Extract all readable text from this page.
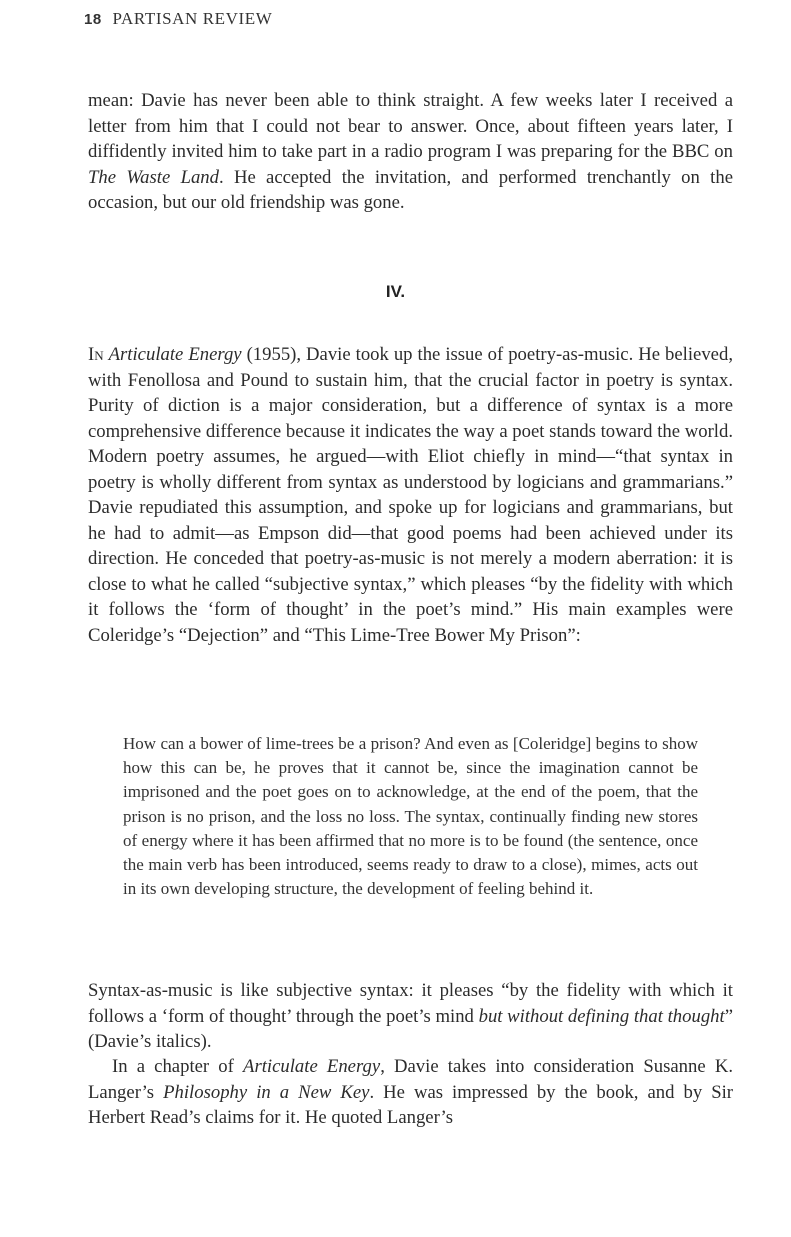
18 PARTISAN REVIEW

mean: Davie has never been able to think straight. A few weeks later I received a letter from him that I could not bear to answer. Once, about fifteen years later, I diffidently invited him to take part in a radio program I was preparing for the BBC on The Waste Land. He accepted the invitation, and performed trenchantly on the occasion, but our old friendship was gone.

IV.

In Articulate Energy (1955), Davie took up the issue of poetry-as-music. He believed, with Fenollosa and Pound to sustain him, that the crucial factor in poetry is syntax. Purity of diction is a major consideration, but a difference of syntax is a more comprehensive difference because it indicates the way a poet stands toward the world. Modern poetry assumes, he argued—with Eliot chiefly in mind—“that syntax in poetry is wholly different from syntax as understood by logicians and grammarians.” Davie repudiated this assumption, and spoke up for logicians and grammarians, but he had to admit—as Empson did—that good poems had been achieved under its direction. He conceded that poetry-as-music is not merely a modern aberration: it is close to what he called “subjective syntax,” which pleases “by the fidelity with which it follows the ‘form of thought’ in the poet’s mind.” His main examples were Coleridge’s “Dejection” and “This Lime-Tree Bower My Prison”:

How can a bower of lime-trees be a prison? And even as [Coleridge] begins to show how this can be, he proves that it cannot be, since the imagination cannot be imprisoned and the poet goes on to acknowledge, at the end of the poem, that the prison is no prison, and the loss no loss. The syntax, continually finding new stores of energy where it has been affirmed that no more is to be found (the sentence, once the main verb has been introduced, seems ready to draw to a close), mimes, acts out in its own developing structure, the development of feeling behind it.

Syntax-as-music is like subjective syntax: it pleases “by the fidelity with which it follows a ‘form of thought’ through the poet’s mind but without defining that thought” (Davie’s italics).

In a chapter of Articulate Energy, Davie takes into consideration Susanne K. Langer’s Philosophy in a New Key. He was impressed by the book, and by Sir Herbert Read’s claims for it. He quoted Langer’s
